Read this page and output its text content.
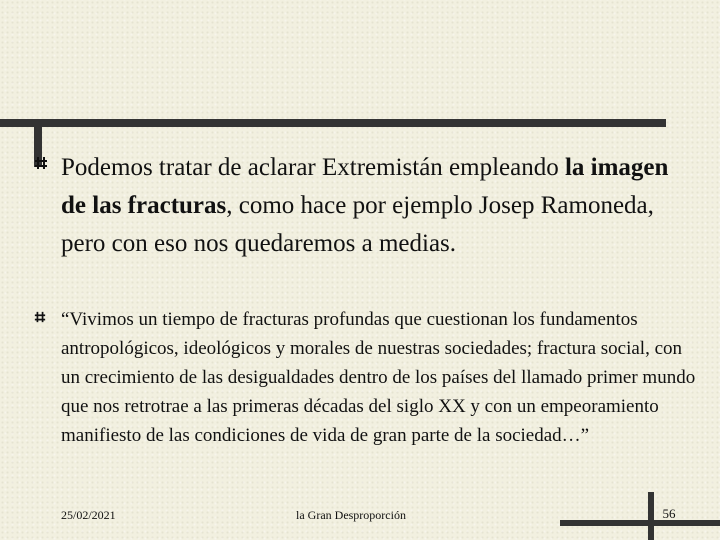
Podemos tratar de aclarar Extremistán empleando la imagen de las fracturas, como hace por ejemplo Josep Ramoneda, pero con eso nos quedaremos a medias.
“Vivimos un tiempo de fracturas profundas que cuestionan los fundamentos antropológicos, ideológicos y morales de nuestras sociedades; fractura social, con un crecimiento de las desigualdades dentro de los países del llamado primer mundo que nos retrotrae a las primeras décadas del siglo XX y con un empeoramiento manifiesto de las condiciones de vida de gran parte de la sociedad…”
25/02/2021	la Gran Desproporción	56
